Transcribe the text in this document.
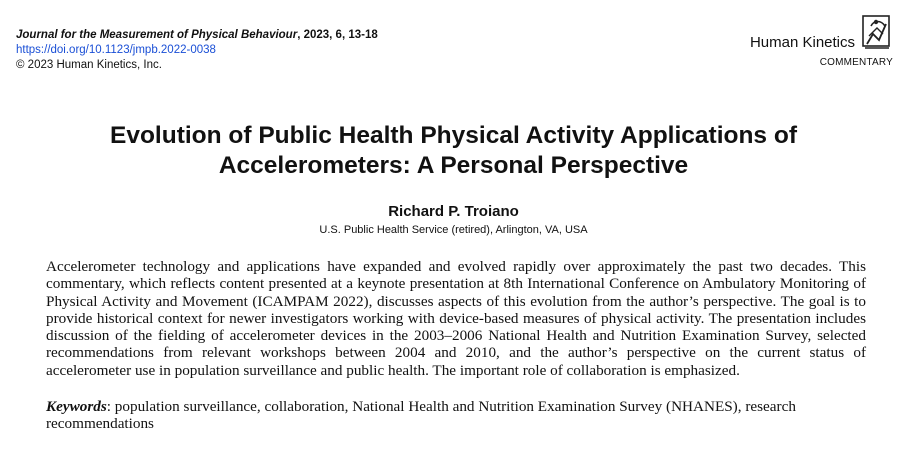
Journal for the Measurement of Physical Behaviour, 2023, 6, 13-18
https://doi.org/10.1123/jmpb.2022-0038
© 2023 Human Kinetics, Inc.
Human Kinetics
COMMENTARY
Evolution of Public Health Physical Activity Applications of
Accelerometers: A Personal Perspective
Richard P. Troiano
U.S. Public Health Service (retired), Arlington, VA, USA
Accelerometer technology and applications have expanded and evolved rapidly over approximately the past two decades. This commentary, which reflects content presented at a keynote presentation at 8th International Conference on Ambulatory Monitoring of Physical Activity and Movement (ICAMPAM 2022), discusses aspects of this evolution from the author’s perspective. The goal is to provide historical context for newer investigators working with device-based measures of physical activity. The presentation includes discussion of the fielding of accelerometer devices in the 2003–2006 National Health and Nutrition Examination Survey, selected recommendations from relevant workshops between 2004 and 2010, and the author’s perspective on the current status of accelerometer use in population surveillance and public health. The important role of collaboration is emphasized.
Keywords: population surveillance, collaboration, National Health and Nutrition Examination Survey (NHANES), research recommendations
